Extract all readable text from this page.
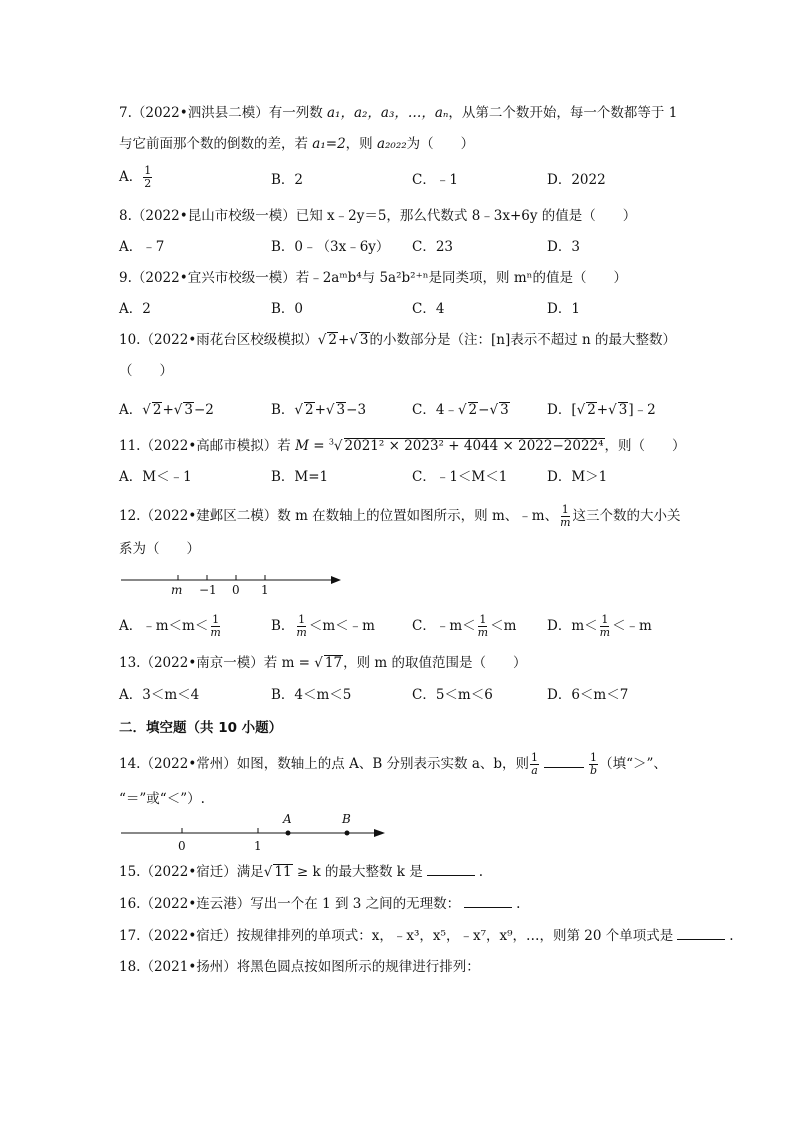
7.（2022•泗洪县二模）有一列数 a₁，a₂，a₃，…，aₙ，从第二个数开始，每一个数都等于 1
与它前面那个数的倒数的差，若 a₁=2，则 a₂₀₂₂为（　　）
A． $\frac{1}{2}$	B．2	C．﹣1	D．2022
8.（2022•昆山市校级一模）已知 x﹣2y＝5，那么代数式 8﹣3x+6y 的值是（　　）
A．﹣7	B．0﹣（3x﹣6y） C．23	D．3
9.（2022•宜兴市校级一模）若﹣2aᵐb⁴与 5a²b²⁺ⁿ是同类项，则 mⁿ的值是（　　）
A．2	B．0	C．4	D．1
10.（2022•雨花台区校级模拟）√ 2+√ 3的小数部分是（注：[n]表示不超过 n 的最大整数）
（　　）
A．√ 2+√ 3−2	B．√ 2+√ 3−3	C．4﹣√ 2−√ 3	D．[√ 2+√ 3]﹣2
11.（2022•高邮市模拟）若 M = $^3$√ 2021² × 2023² + 4044 × 2022−2022⁴，则（　　）
A．M＜﹣1	B．M=1	C．﹣1＜M＜1	D．M＞1
12.（2022•建邺区二模）数 m 在数轴上的位置如图所示，则 m、﹣m、 $\frac{1}{m}$ 这三个数的大小关
系为（　　）
m −1 0 1
A．﹣m＜m＜ $\frac{1}{m}$	B． $\frac{1}{m}$ ＜m＜﹣m	C．﹣m＜ $\frac{1}{m} <m$ D．$m< \frac{1}{m}$ ＜﹣m
13.（2022•南京一模）若 m = √ 17，则 m 的取值范围是（　　）
A．3＜m＜4	B．4＜m＜5	C．5＜m＜6	D．6＜m＜7
二．填空题（共 10 小题）
14.（2022•常州）如图，数轴上的点 A、B 分别表示实数 a、b，则 $\frac{1}{a}$	$\frac{1}{b}$ （填“＞”、
“＝”或“＜”）.
0	1
A	B
15.（2022•宿迁）满足√ 11 ≥ k 的最大整数 k 是	.
16.（2022•连云港）写出一个在 1 到 3 之间的无理数：	.
17.（2022•宿迁）按规律排列的单项式：x，﹣x³，x⁵，﹣x⁷，x⁹，…，则第 20 个单项式是	.
18.（2021•扬州）将黑色圆点按如图所示的规律进行排列：
